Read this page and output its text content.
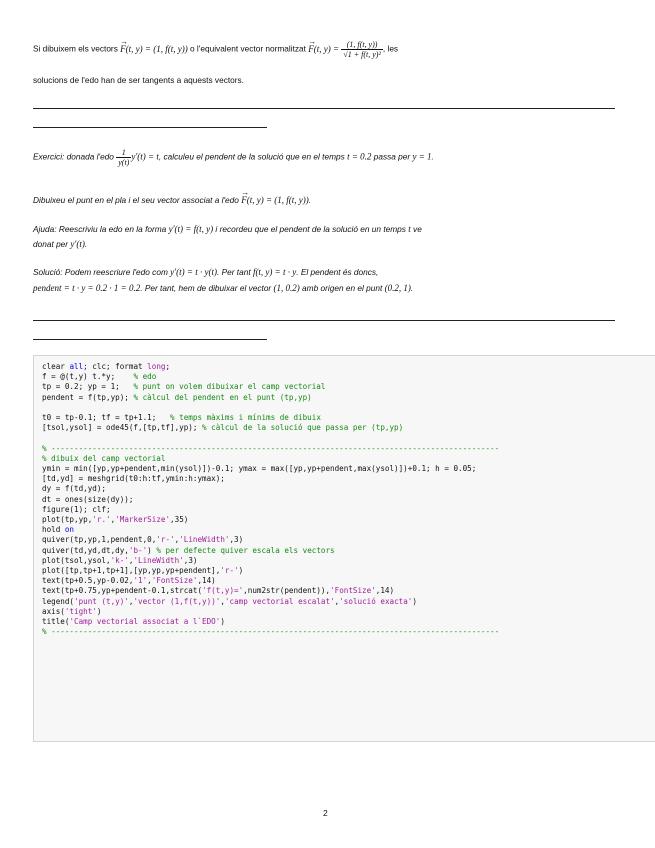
Si dibuixem els vectors → F(t, y) = (1, f(t, y)) o l'equivalent vector normalitzat → F(t, $y) = \frac{(1, f(t, y))}{\text{√1 + f(t, y)²}}$ , les
solucions de l'edo han de ser tangents a aquests vectors.
Exercici: donada $l'edo \frac{1}{y(t)} y'(t) = t$, calculeu el pendent de la solució que en el temps t = 0.2 passa per y = 1.
Dibuixeu el punt en el pla i el seu vector associat a l'edo → F(t, y) = (1, f(t, y)).
Ajuda: Reescriviu la edo en la forma y′(t) = f(t, y) i recordeu que el pendent de la solució en un temps t ve
donat per y′(t).
Solució: Podem reescriure l'edo com y′(t) = t · y(t). Per tant f(t, y) = t · y. El pendent és doncs,
pendent = t · y = 0.2 · 1 = 0.2. Per tant, hem de dibuixar el vector (1, 0.2) amb origen en el punt (0.2, 1).
clear all; clc; format long;
f = @(t,y) t.*y;    % edo
tp = 0.2; yp = 1;   % punt on volem dibuixar el camp vectorial
pendent = f(tp,yp); % càlcul del pendent en el punt (tp,yp)

t0 = tp-0.1; tf = tp+1.1;   % temps màxims i mínims de dibuix
[tsol,ysol] = ode45(f,[tp,tf],yp); % càlcul de la solució que passa per (tp,yp)

% --------------------------------------------------------------------------------------------------
% dibuix del camp vectorial
ymin = min([yp,yp+pendent,min(ysol)])-0.1; ymax = max([yp,yp+pendent,max(ysol)])+0.1; h = 0.05;
[td,yd] = meshgrid(t0:h:tf,ymin:h:ymax);
dy = f(td,yd);
dt = ones(size(dy));
figure(1); clf;
plot(tp,yp,'r.','MarkerSize',35)
hold on
quiver(tp,yp,1,pendent,0,'r-','LineWidth',3)
quiver(td,yd,dt,dy,'b-') % per defecte quiver escala els vectors
plot(tsol,ysol,'k-','LineWidth',3)
plot([tp,tp+1,tp+1],[yp,yp,yp+pendent],'r-')
text(tp+0.5,yp-0.02,'1','FontSize',14)
text(tp+0.75,yp+pendent-0.1,strcat('f(t,y)=',num2str(pendent)),'FontSize',14)
legend('punt (t,y)','vector (1,f(t,y))','camp vectorial escalat','solució exacta')
axis('tight')
title('Camp vectorial associat a l`EDO')
% --------------------------------------------------------------------------------------------------
2
